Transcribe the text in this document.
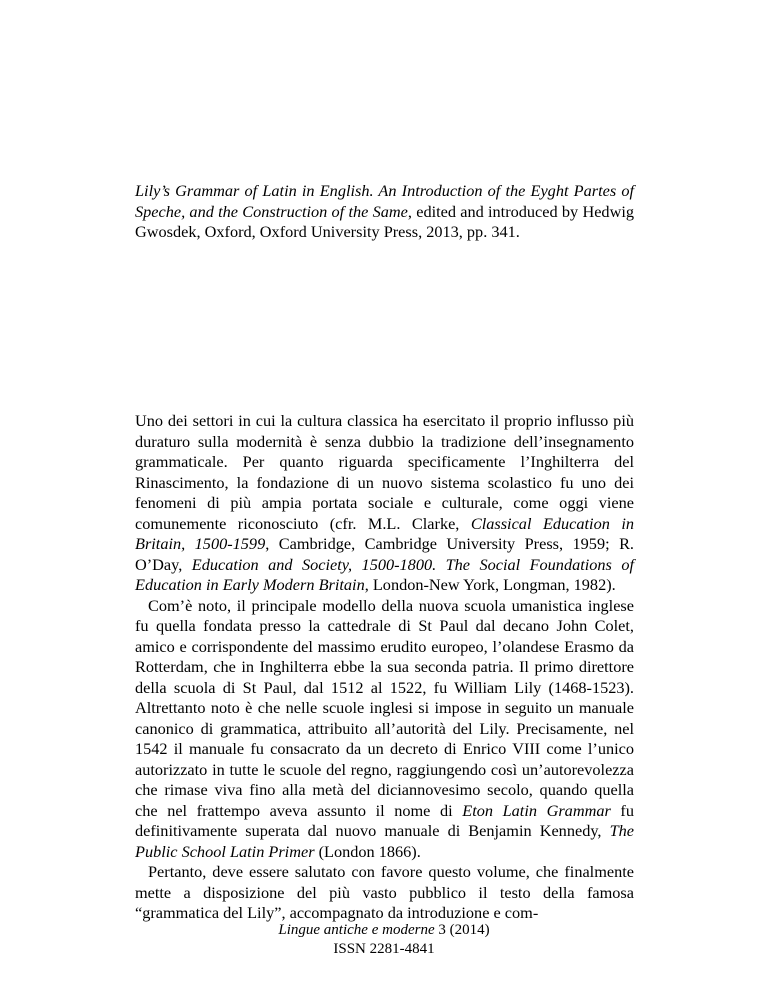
Lily’s Grammar of Latin in English. An Introduction of the Eyght Partes of Speche, and the Construction of the Same, edited and introduced by Hedwig Gwosdek, Oxford, Oxford University Press, 2013, pp. 341.

Uno dei settori in cui la cultura classica ha esercitato il proprio influsso più duraturo sulla modernità è senza dubbio la tradizione dell’insegnamento grammaticale. Per quanto riguarda specificamente l’Inghilterra del Rinascimento, la fondazione di un nuovo sistema scolastico fu uno dei fenomeni di più ampia portata sociale e culturale, come oggi viene comunemente riconosciuto (cfr. M.L. Clarke, Classical Education in Britain, 1500-1599, Cambridge, Cambridge University Press, 1959; R. O’Day, Education and Society, 1500-1800. The Social Foundations of Education in Early Modern Britain, London-New York, Longman, 1982).

Com’è noto, il principale modello della nuova scuola umanistica inglese fu quella fondata presso la cattedrale di St Paul dal decano John Colet, amico e corrispondente del massimo erudito europeo, l’olandese Erasmo da Rotterdam, che in Inghilterra ebbe la sua seconda patria. Il primo direttore della scuola di St Paul, dal 1512 al 1522, fu William Lily (1468-1523). Altrettanto noto è che nelle scuole inglesi si impose in seguito un manuale canonico di grammatica, attribuito all’autorità del Lily. Precisamente, nel 1542 il manuale fu consacrato da un decreto di Enrico VIII come l’unico autorizzato in tutte le scuole del regno, raggiungendo così un’autorevolezza che rimase viva fino alla metà del diciannovesimo secolo, quando quella che nel frattempo aveva assunto il nome di Eton Latin Grammar fu definitivamente superata dal nuovo manuale di Benjamin Kennedy, The Public School Latin Primer (London 1866).

Pertanto, deve essere salutato con favore questo volume, che finalmente mette a disposizione del più vasto pubblico il testo della famosa “grammatica del Lily”, accompagnato da introduzione e com-

Lingue antiche e moderne 3 (2014)
ISSN 2281-4841
